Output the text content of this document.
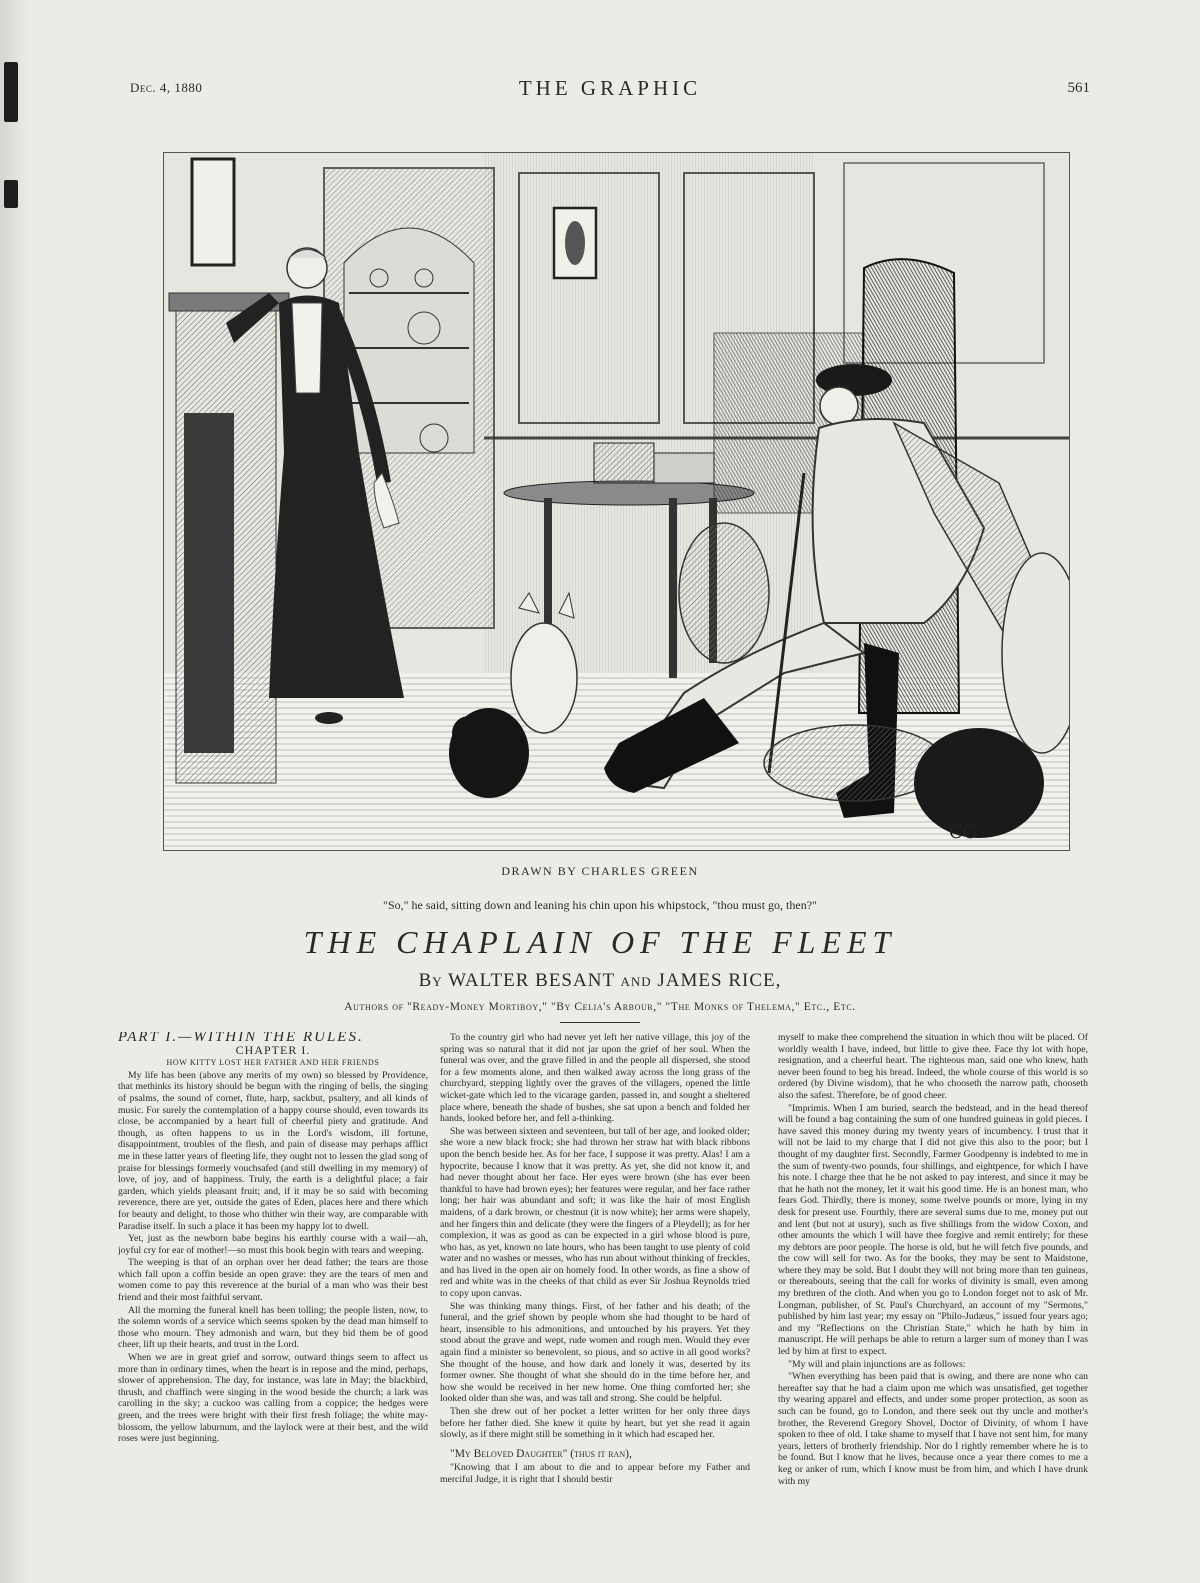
Dec. 4, 1880	THE GRAPHIC	561
CG
DRAWN BY CHARLES GREEN
"So," he said, sitting down and leaning his chin upon his whipstock, "thou must go, then?"
THE CHAPLAIN OF THE FLEET
By WALTER BESANT and JAMES RICE,
Authors of "Ready-Money Mortiboy," "By Celia's Arbour," "The Monks of Thelema," Etc., Etc.

PART I.—WITHIN THE RULES.

CHAPTER I.

HOW KITTY LOST HER FATHER AND HER FRIENDS

My life has been (above any merits of my own) so blessed by Providence, that methinks its history should be begun with the ringing of bells, the singing of psalms, the sound of cornet, flute, harp, sackbut, psaltery, and all kinds of music. For surely the contemplation of a happy course should, even towards its close, be accompanied by a heart full of cheerful piety and gratitude. And though, as often happens to us in the Lord's wisdom, ill fortune, disappointment, troubles of the flesh, and pain of disease may perhaps afflict me in these latter years of fleeting life, they ought not to lessen the glad song of praise for blessings formerly vouchsafed (and still dwelling in my memory) of love, of joy, and of happiness. Truly, the earth is a delightful place; a fair garden, which yields pleasant fruit; and, if it may be so said with becoming reverence, there are yet, outside the gates of Eden, places here and there which for beauty and delight, to those who thither win their way, are comparable with Paradise itself. In such a place it has been my happy lot to dwell.

Yet, just as the newborn babe begins his earthly course with a wail—ah, joyful cry for ear of mother!—so must this book begin with tears and weeping.

The weeping is that of an orphan over her dead father; the tears are those which fall upon a coffin beside an open grave: they are the tears of men and women come to pay this reverence at the burial of a man who was their best friend and their most faithful servant.

All the morning the funeral knell has been tolling; the people listen, now, to the solemn words of a service which seems spoken by the dead man himself to those who mourn. They admonish and warn, but they bid them be of good cheer, lift up their hearts, and trust in the Lord.

When we are in great grief and sorrow, outward things seem to affect us more than in ordinary times, when the heart is in repose and the mind, perhaps, slower of apprehension. The day, for instance, was late in May; the blackbird, thrush, and chaffinch were singing in the wood beside the church; a lark was carolling in the sky; a cuckoo was calling from a coppice; the hedges were green, and the trees were bright with their first fresh foliage; the white may-blossom, the yellow laburnum, and the laylock were at their best, and the wild roses were just beginning.

To the country girl who had never yet left her native village, this joy of the spring was so natural that it did not jar upon the grief of her soul. When the funeral was over, and the grave filled in and the people all dispersed, she stood for a few moments alone, and then walked away across the long grass of the churchyard, stepping lightly over the graves of the villagers, opened the little wicket-gate which led to the vicarage garden, passed in, and sought a sheltered place where, beneath the shade of bushes, she sat upon a bench and folded her hands, looked before her, and fell a-thinking.

She was between sixteen and seventeen, but tall of her age, and looked older; she wore a new black frock; she had thrown her straw hat with black ribbons upon the bench beside her. As for her face, I suppose it was pretty. Alas! I am a hypocrite, because I know that it was pretty. As yet, she did not know it, and had never thought about her face. Her eyes were brown (she has ever been thankful to have had brown eyes); her features were regular, and her face rather long; her hair was abundant and soft; it was like the hair of most English maidens, of a dark brown, or chestnut (it is now white); her arms were shapely, and her fingers thin and delicate (they were the fingers of a Pleydell); as for her complexion, it was as good as can be expected in a girl whose blood is pure, who has, as yet, known no late hours, who has been taught to use plenty of cold water and no washes or messes, who has run about without thinking of freckles, and has lived in the open air on homely food. In other words, as fine a show of red and white was in the cheeks of that child as ever Sir Joshua Reynolds tried to copy upon canvas.

She was thinking many things. First, of her father and his death; of the funeral, and the grief shown by people whom she had thought to be hard of heart, insensible to his admonitions, and untouched by his prayers. Yet they stood about the grave and wept, rude women and rough men. Would they ever again find a minister so benevolent, so pious, and so active in all good works? She thought of the house, and how dark and lonely it was, deserted by its former owner. She thought of what she should do in the time before her, and how she would be received in her new home. One thing comforted her; she looked older than she was, and was tall and strong. She could be helpful.

Then she drew out of her pocket a letter written for her only three days before her father died. She knew it quite by heart, but yet she read it again slowly, as if there might still be something in it which had escaped her.

"My Beloved Daughter" (thus it ran),

"Knowing that I am about to die and to appear before my Father and merciful Judge, it is right that I should bestir

myself to make thee comprehend the situation in which thou wilt be placed. Of worldly wealth I have, indeed, but little to give thee. Face thy lot with hope, resignation, and a cheerful heart. The righteous man, said one who knew, hath never been found to beg his bread. Indeed, the whole course of this world is so ordered (by Divine wisdom), that he who chooseth the narrow path, chooseth also the safest. Therefore, be of good cheer.

"Imprimis. When I am buried, search the bedstead, and in the head thereof will be found a bag containing the sum of one hundred guineas in gold pieces. I have saved this money during my twenty years of incumbency. I trust that it will not be laid to my charge that I did not give this also to the poor; but I thought of my daughter first. Secondly, Farmer Goodpenny is indebted to me in the sum of twenty-two pounds, four shillings, and eightpence, for which I have his note. I charge thee that he be not asked to pay interest, and since it may be that he hath not the money, let it wait his good time. He is an honest man, who fears God. Thirdly, there is money, some twelve pounds or more, lying in my desk for present use. Fourthly, there are several sums due to me, money put out and lent (but not at usury), such as five shillings from the widow Coxon, and other amounts the which I will have thee forgive and remit entirely; for these my debtors are poor people. The horse is old, but he will fetch five pounds, and the cow will sell for two. As for the books, they may be sent to Maidstone, where they may be sold. But I doubt they will not bring more than ten guineas, or thereabouts, seeing that the call for works of divinity is small, even among my brethren of the cloth. And when you go to London forget not to ask of Mr. Longman, publisher, of St. Paul's Churchyard, an account of my "Sermons," published by him last year; my essay on "Philo-Judæus," issued four years ago; and my "Reflections on the Christian State," which he hath by him in manuscript. He will perhaps be able to return a larger sum of money than I was led by him at first to expect.

"My will and plain injunctions are as follows:

"When everything has been paid that is owing, and there are none who can hereafter say that he had a claim upon me which was unsatisfied, get together thy wearing apparel and effects, and under some proper protection, as soon as such can be found, go to London, and there seek out thy uncle and mother's brother, the Reverend Gregory Shovel, Doctor of Divinity, of whom I have spoken to thee of old. I take shame to myself that I have not sent him, for many years, letters of brotherly friendship. Nor do I rightly remember where he is to be found. But I know that he lives, because once a year there comes to me a keg or anker of rum, which I know must be from him, and which I have drunk with my
